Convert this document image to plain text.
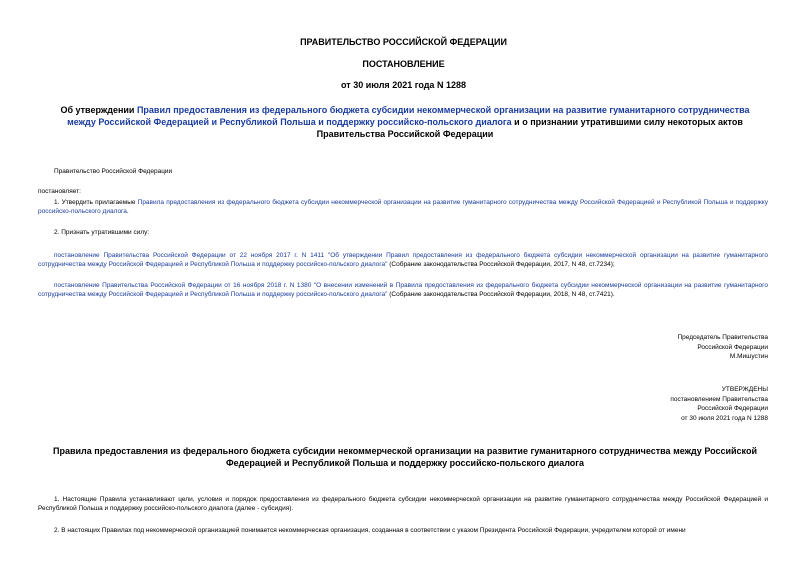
ПРАВИТЕЛЬСТВО РОССИЙСКОЙ ФЕДЕРАЦИИ
ПОСТАНОВЛЕНИЕ
от 30 июля 2021 года N 1288
Об утверждении Правил предоставления из федерального бюджета субсидии некоммерческой организации на развитие гуманитарного сотрудничества между Российской Федерацией и Республикой Польша и поддержку российско-польского диалога и о признании утратившими силу некоторых актов Правительства Российской Федерации
Правительство Российской Федерации
постановляет:
1. Утвердить прилагаемые Правила предоставления из федерального бюджета субсидии некоммерческой организации на развитие гуманитарного сотрудничества между Российской Федерацией и Республикой Польша и поддержку российско-польского диалога.
2. Признать утратившими силу:
постановление Правительства Российской Федерации от 22 ноября 2017 г. N 1411 "Об утверждении Правил предоставления из федерального бюджета субсидии некоммерческой организации на развитие гуманитарного сотрудничества между Российской Федерацией и Республикой Польша и поддержку российско-польского диалога" (Собрание законодательства Российской Федерации, 2017, N 48, ст.7234);
постановление Правительства Российской Федерации от 16 ноября 2018 г. N 1380 "О внесении изменений в Правила предоставления из федерального бюджета субсидии некоммерческой организации на развитие гуманитарного сотрудничества между Российской Федерацией и Республикой Польша и поддержку российско-польского диалога" (Собрание законодательства Российской Федерации, 2018, N 48, ст.7421).
Председатель Правительства
Российской Федерации
М.Мишустин
УТВЕРЖДЕНЫ
постановлением Правительства
Российской Федерации
от 30 июля 2021 года N 1288
Правила предоставления из федерального бюджета субсидии некоммерческой организации на развитие гуманитарного сотрудничества между Российской Федерацией и Республикой Польша и поддержку российско-польского диалога
1. Настоящие Правила устанавливают цели, условия и порядок предоставления из федерального бюджета субсидии некоммерческой организации на развитие гуманитарного сотрудничества между Российской Федерацией и Республикой Польша и поддержку российско-польского диалога (далее - субсидия).
2. В настоящих Правилах под некоммерческой организацией понимается некоммерческая организация, созданная в соответствии с указом Президента Российской Федерации, учредителем которой от имени
